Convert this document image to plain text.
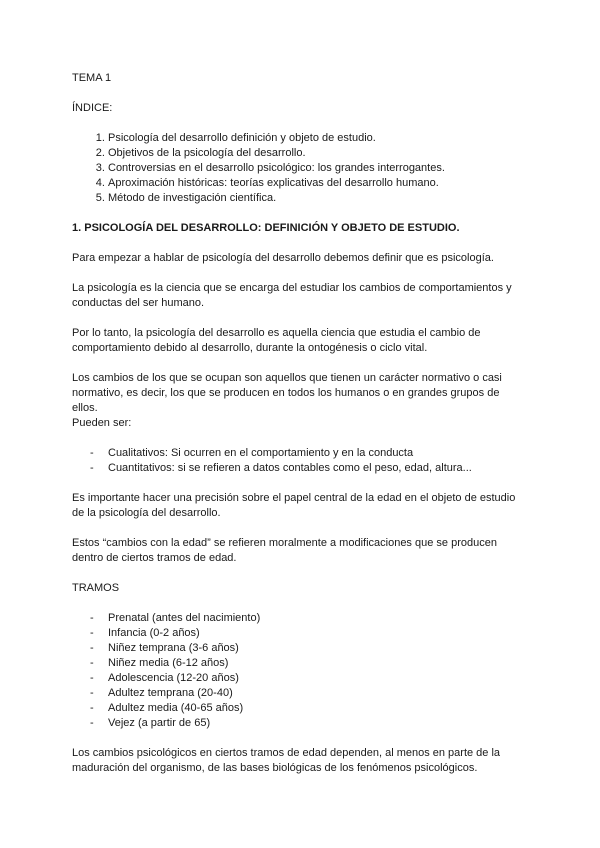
TEMA 1

ÍNDICE:

1. Psicología del desarrollo definición y objeto de estudio.
2. Objetivos de la psicología del desarrollo.
3. Controversias en el desarrollo psicológico: los grandes interrogantes.
4. Aproximación históricas: teorías explicativas del desarrollo humano.
5. Método de investigación científica.

1. PSICOLOGÍA DEL DESARROLLO: DEFINICIÓN Y OBJETO DE ESTUDIO.

Para empezar a hablar de psicología del desarrollo debemos definir que es psicología.

La psicología es la ciencia que se encarga del estudiar los cambios de comportamientos y conductas del ser humano.

Por lo tanto, la psicología del desarrollo es aquella ciencia que estudia el cambio de comportamiento debido al desarrollo, durante la ontogénesis o ciclo vital.

Los cambios de los que se ocupan son aquellos que tienen un carácter normativo o casi normativo, es decir, los que se producen en todos los humanos o en grandes grupos de ellos.

Pueden ser:

- Cualitativos: Si ocurren en el comportamiento y en la conducta
- Cuantitativos: si se refieren a datos contables como el peso, edad, altura...

Es importante hacer una precisión sobre el papel central de la edad en el objeto de estudio de la psicología del desarrollo.

Estos “cambios con la edad” se refieren moralmente a modificaciones que se producen dentro de ciertos tramos de edad.

TRAMOS

- Prenatal (antes del nacimiento)
- Infancia (0-2 años)
- Niñez temprana (3-6 años)
- Niñez media (6-12 años)
- Adolescencia (12-20 años)
- Adultez temprana (20-40)
- Adultez media (40-65 años)
- Vejez (a partir de 65)

Los cambios psicológicos en ciertos tramos de edad dependen, al menos en parte de la maduración del organismo, de las bases biológicas de los fenómenos psicológicos.
